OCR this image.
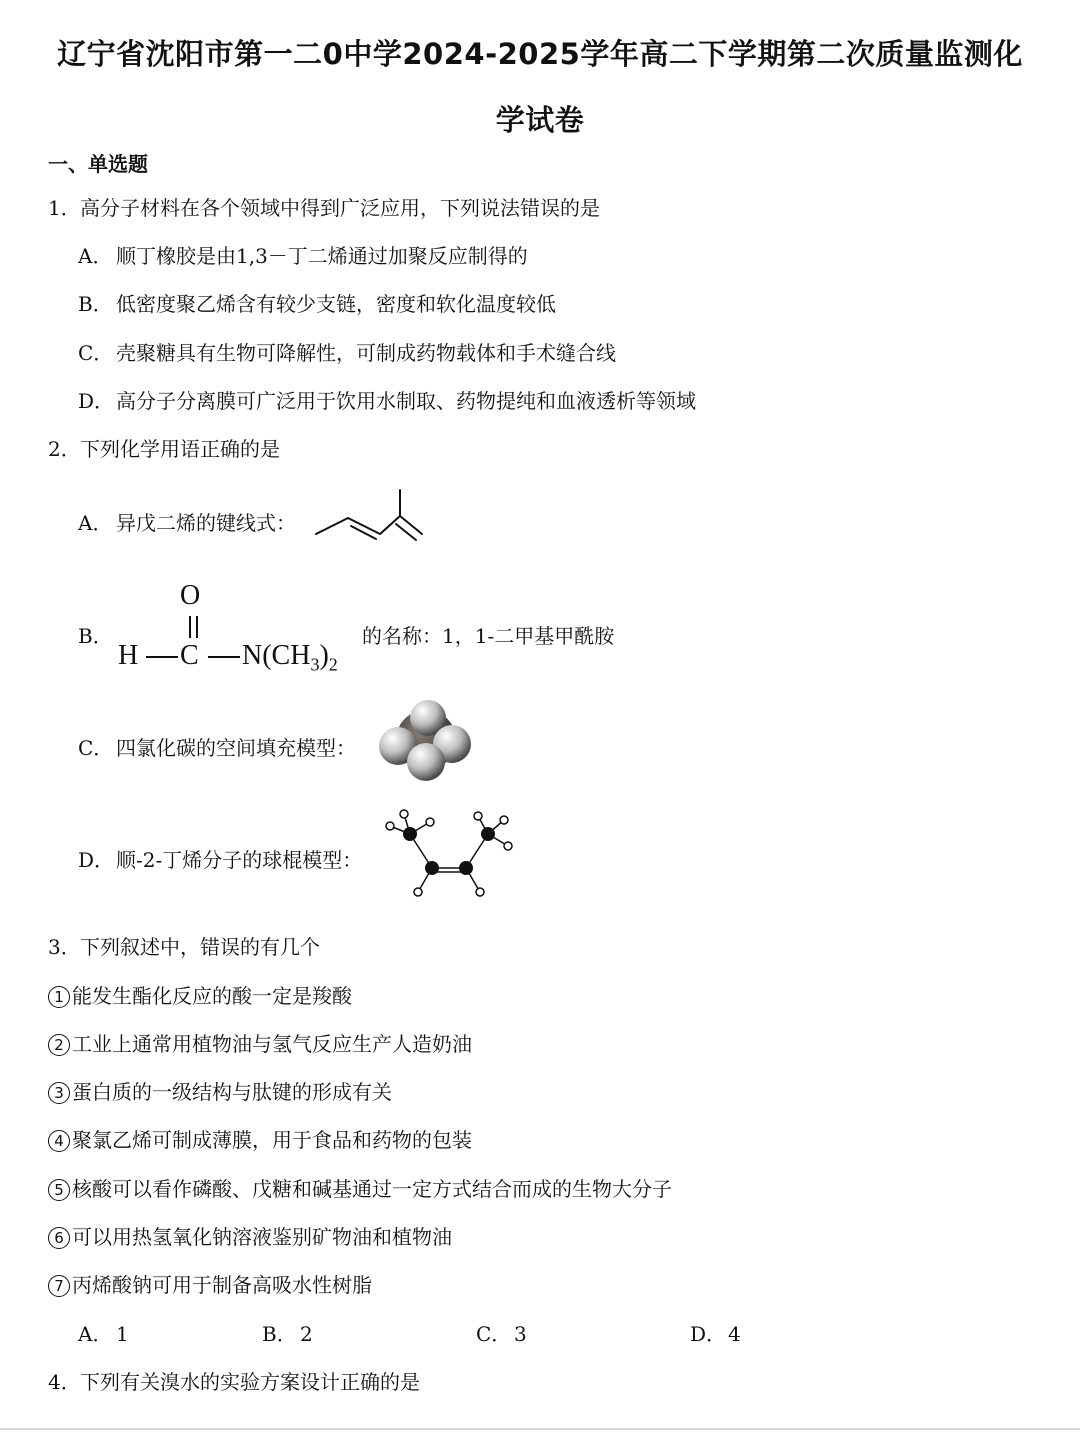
辽宁省沈阳市第一二0中学2024-2025学年高二下学期第二次质量监测化
学试卷
一、单选题
1．高分子材料在各个领域中得到广泛应用，下列说法错误的是
A． 顺丁橡胶是由1,3－丁二烯通过加聚反应制得的
B． 低密度聚乙烯含有较少支链，密度和软化温度较低
C． 壳聚糖具有生物可降解性，可制成药物载体和手术缝合线
D．高分子分离膜可广泛用于饮用水制取、药物提纯和血液透析等领域
2．下列化学用语正确的是
A． 异戊二烯的键线式：
B．
O
H C $N(CH_3)_2$
的名称：1，1-二甲基甲酰胺
C． 四氯化碳的空间填充模型：
D．顺-2-丁烯分子的球棍模型：
3．下列叙述中，错误的有几个
1 能发生酯化反应的酸一定是羧酸
2 工业上通常用植物油与氢气反应生产人造奶油
3 蛋白质的一级结构与肽键的形成有关
4 聚氯乙烯可制成薄膜，用于食品和药物的包装
5 核酸可以看作磷酸、戊糖和碱基通过一定方式结合而成的生物大分子
6 可以用热氢氧化钠溶液鉴别矿物油和植物油
7 丙烯酸钠可用于制备高吸水性树脂
A． 1	B． 2	C． 3	D．4
4．下列有关溴水的实验方案设计正确的是
